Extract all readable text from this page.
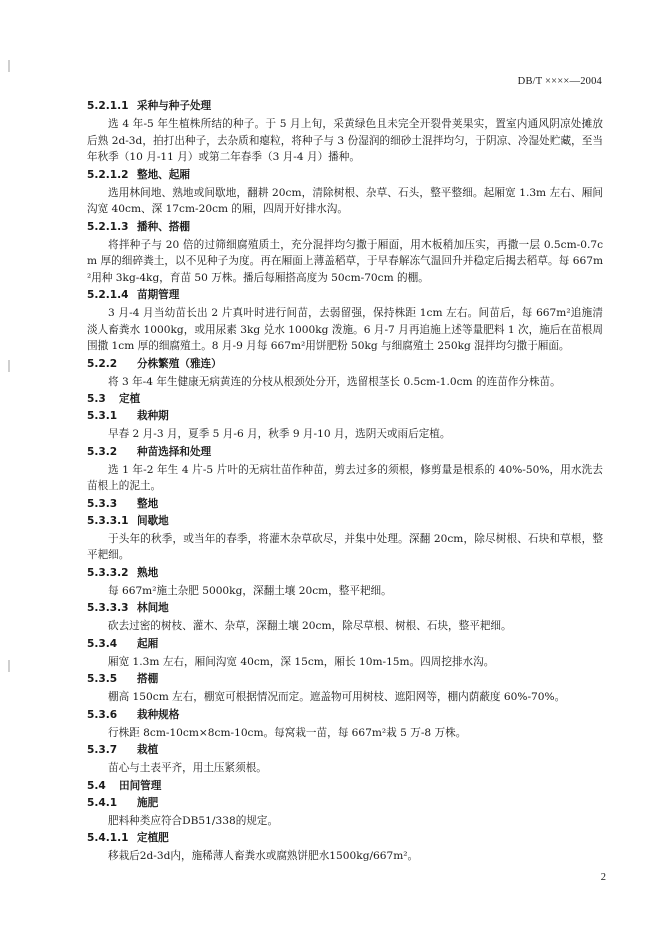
DB/T ××××—2004
5.2.1.1 采种与种子处理
选 4 年-5 年生植株所结的种子。于 5 月上旬，采黄绿色且未完全开裂骨荚果实，置室内通风阴凉处摊放后熟 2d-3d，拍打出种子，去杂质和瘪粒，将种子与 3 份湿润的细砂土混拌均匀，于阴凉、冷湿处贮藏，至当年秋季（10 月-11 月）或第二年春季（3 月-4 月）播种。
5.2.1.2 整地、起厢
选用林间地、熟地或间歇地，翻耕 20cm，清除树根、杂草、石头，整平整细。起厢宽 1.3m 左右、厢间沟宽 40cm、深 17cm-20cm 的厢，四周开好排水沟。
5.2.1.3 播种、搭棚
将拌种子与 20 倍的过筛细腐殖质土，充分混拌均匀撒于厢面，用木板稍加压实，再撒一层 0.5cm-0.7cm 厚的细碎粪土，以不见种子为度。再在厢面上薄盖稻草，于早春解冻气温回升并稳定后揭去稻草。每 667m²用种 3kg-4kg，育苗 50 万株。播后每厢搭高度为 50cm-70cm 的棚。
5.2.1.4 苗期管理
3 月-4 月当幼苗长出 2 片真叶时进行间苗，去弱留强，保持株距 1cm 左右。间苗后，每 667m²追施清淡人畜粪水 1000kg，或用尿素 3kg 兑水 1000kg 泼施。6 月-7 月再追施上述等量肥料 1 次，施后在苗根周围撒 1cm 厚的细腐殖土。8 月-9 月每 667m²用饼肥粉 50kg 与细腐殖土 250kg 混拌均匀撒于厢面。
5.2.2 分株繁殖（雅连）
将 3 年-4 年生健康无病黄连的分枝从根颈处分开，选留根茎长 0.5cm-1.0cm 的连苗作分株苗。
5.3 定植
5.3.1 栽种期
早春 2 月-3 月，夏季 5 月-6 月，秋季 9 月-10 月，选阴天或雨后定植。
5.3.2 种苗选择和处理
选 1 年-2 年生 4 片-5 片叶的无病壮苗作种苗，剪去过多的须根，修剪量是根系的 40%-50%，用水洗去苗根上的泥土。
5.3.3 整地
5.3.3.1 间歇地
于头年的秋季，或当年的春季，将灌木杂草砍尽，并集中处理。深翻 20cm，除尽树根、石块和草根，整平耙细。
5.3.3.2 熟地
每 667m²施土杂肥 5000kg，深翻土壤 20cm，整平耙细。
5.3.3.3 林间地
砍去过密的树枝、灌木、杂草，深翻土壤 20cm，除尽草根、树根、石块，整平耙细。
5.3.4 起厢
厢宽 1.3m 左右，厢间沟宽 40cm，深 15cm，厢长 10m-15m。四周挖排水沟。
5.3.5 搭棚
棚高 150cm 左右，棚宽可根据情况而定。遮盖物可用树枝、遮阳网等，棚内荫蔽度 60%-70%。
5.3.6 栽种规格
行株距 8cm-10cm×8cm-10cm。每窝栽一苗，每 667m²栽 5 万-8 万株。
5.3.7 栽植
苗心与土表平齐，用土压紧须根。
5.4 田间管理
5.4.1 施肥
肥料种类应符合DB51/338的规定。
5.4.1.1 定植肥
移栽后2d-3d内，施稀薄人畜粪水或腐熟饼肥水1500kg/667m²。
2
